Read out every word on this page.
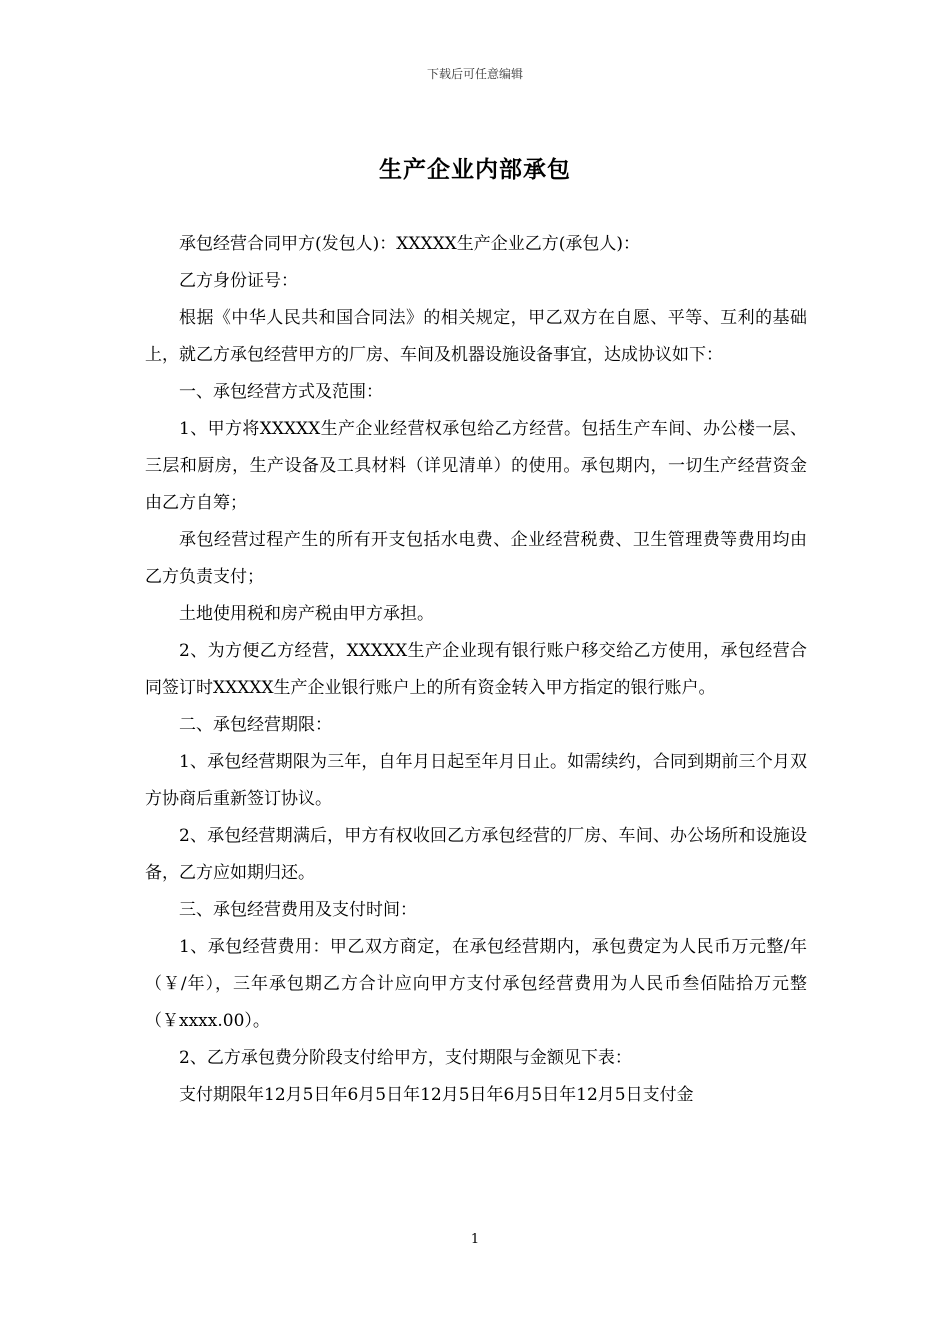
下载后可任意编辑
生产企业内部承包

承包经营合同甲方(发包人)：XXXXX生产企业乙方(承包人)：

乙方身份证号：

根据《中华人民共和国合同法》的相关规定，甲乙双方在自愿、平等、互利的基础上，就乙方承包经营甲方的厂房、车间及机器设施设备事宜，达成协议如下：

一、承包经营方式及范围：

1、甲方将XXXXX生产企业经营权承包给乙方经营。包括生产车间、办公楼一层、三层和厨房，生产设备及工具材料（详见清单）的使用。承包期内，一切生产经营资金由乙方自筹；

承包经营过程产生的所有开支包括水电费、企业经营税费、卫生管理费等费用均由乙方负责支付；

土地使用税和房产税由甲方承担。

2、为方便乙方经营，XXXXX生产企业现有银行账户移交给乙方使用，承包经营合同签订时XXXXX生产企业银行账户上的所有资金转入甲方指定的银行账户。

二、承包经营期限：

1、承包经营期限为三年，自年月日起至年月日止。如需续约，合同到期前三个月双方协商后重新签订协议。

2、承包经营期满后，甲方有权收回乙方承包经营的厂房、车间、办公场所和设施设备，乙方应如期归还。

三、承包经营费用及支付时间：

1、承包经营费用：甲乙双方商定，在承包经营期内，承包费定为人民币万元整/年（￥/年），三年承包期乙方合计应向甲方支付承包经营费用为人民币叁佰陆拾万元整（￥xxxx.00）。

2、乙方承包费分阶段支付给甲方，支付期限与金额见下表：

支付期限年12月5日年6月5日年12月5日年6月5日年12月5日支付金

1
